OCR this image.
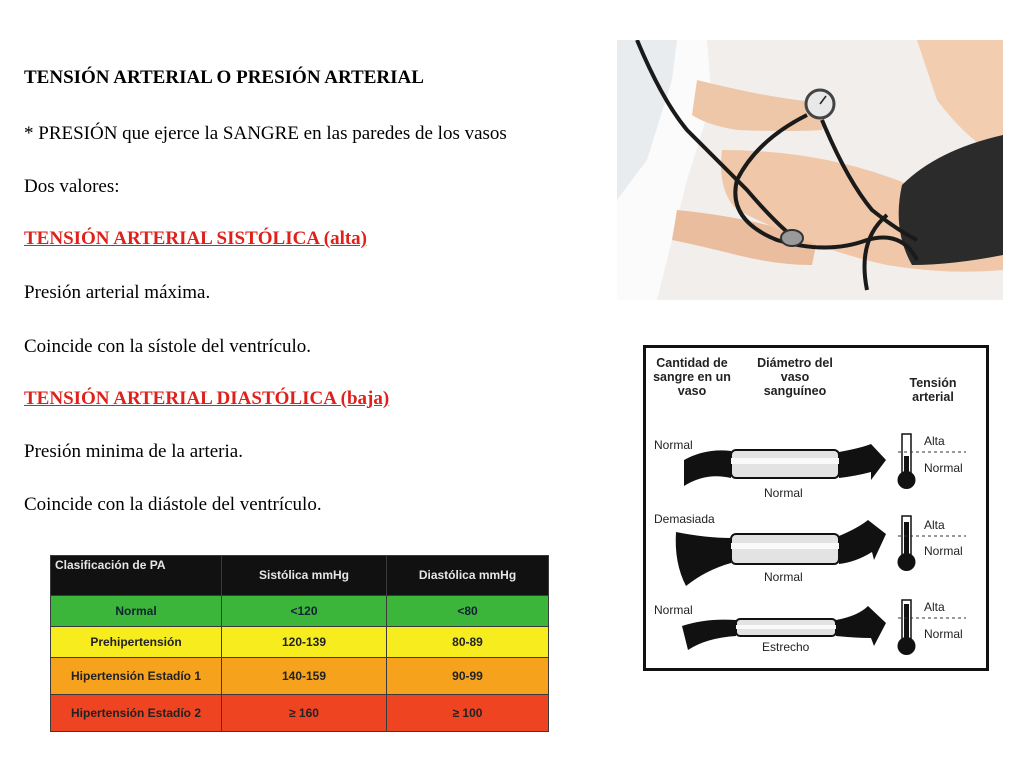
TENSIÓN ARTERIAL O PRESIÓN ARTERIAL
* PRESIÓN que ejerce la SANGRE en las paredes de los vasos
Dos valores:
TENSIÓN ARTERIAL SISTÓLICA (alta)
Presión arterial máxima.
Coincide con la sístole del ventrículo.
TENSIÓN ARTERIAL DIASTÓLICA (baja)
Presión minima de la arteria.
Coincide con la diástole del ventrículo.
Clasificación de PA	Sistólica mmHg	Diastólica mmHg
Normal	<120	<80
Prehipertensión	120-139	80-89
Hipertensión Estadío 1	140-159	90-99
Hipertensión Estadío 2	≥ 160	≥ 100
Cantidad de sangre en un vaso
Diámetro del vaso sanguíneo
Tensión arterial
Normal
Normal
Alta
Normal
Demasiada
Normal
Alta
Normal
Normal
Estrecho
Alta
Normal
